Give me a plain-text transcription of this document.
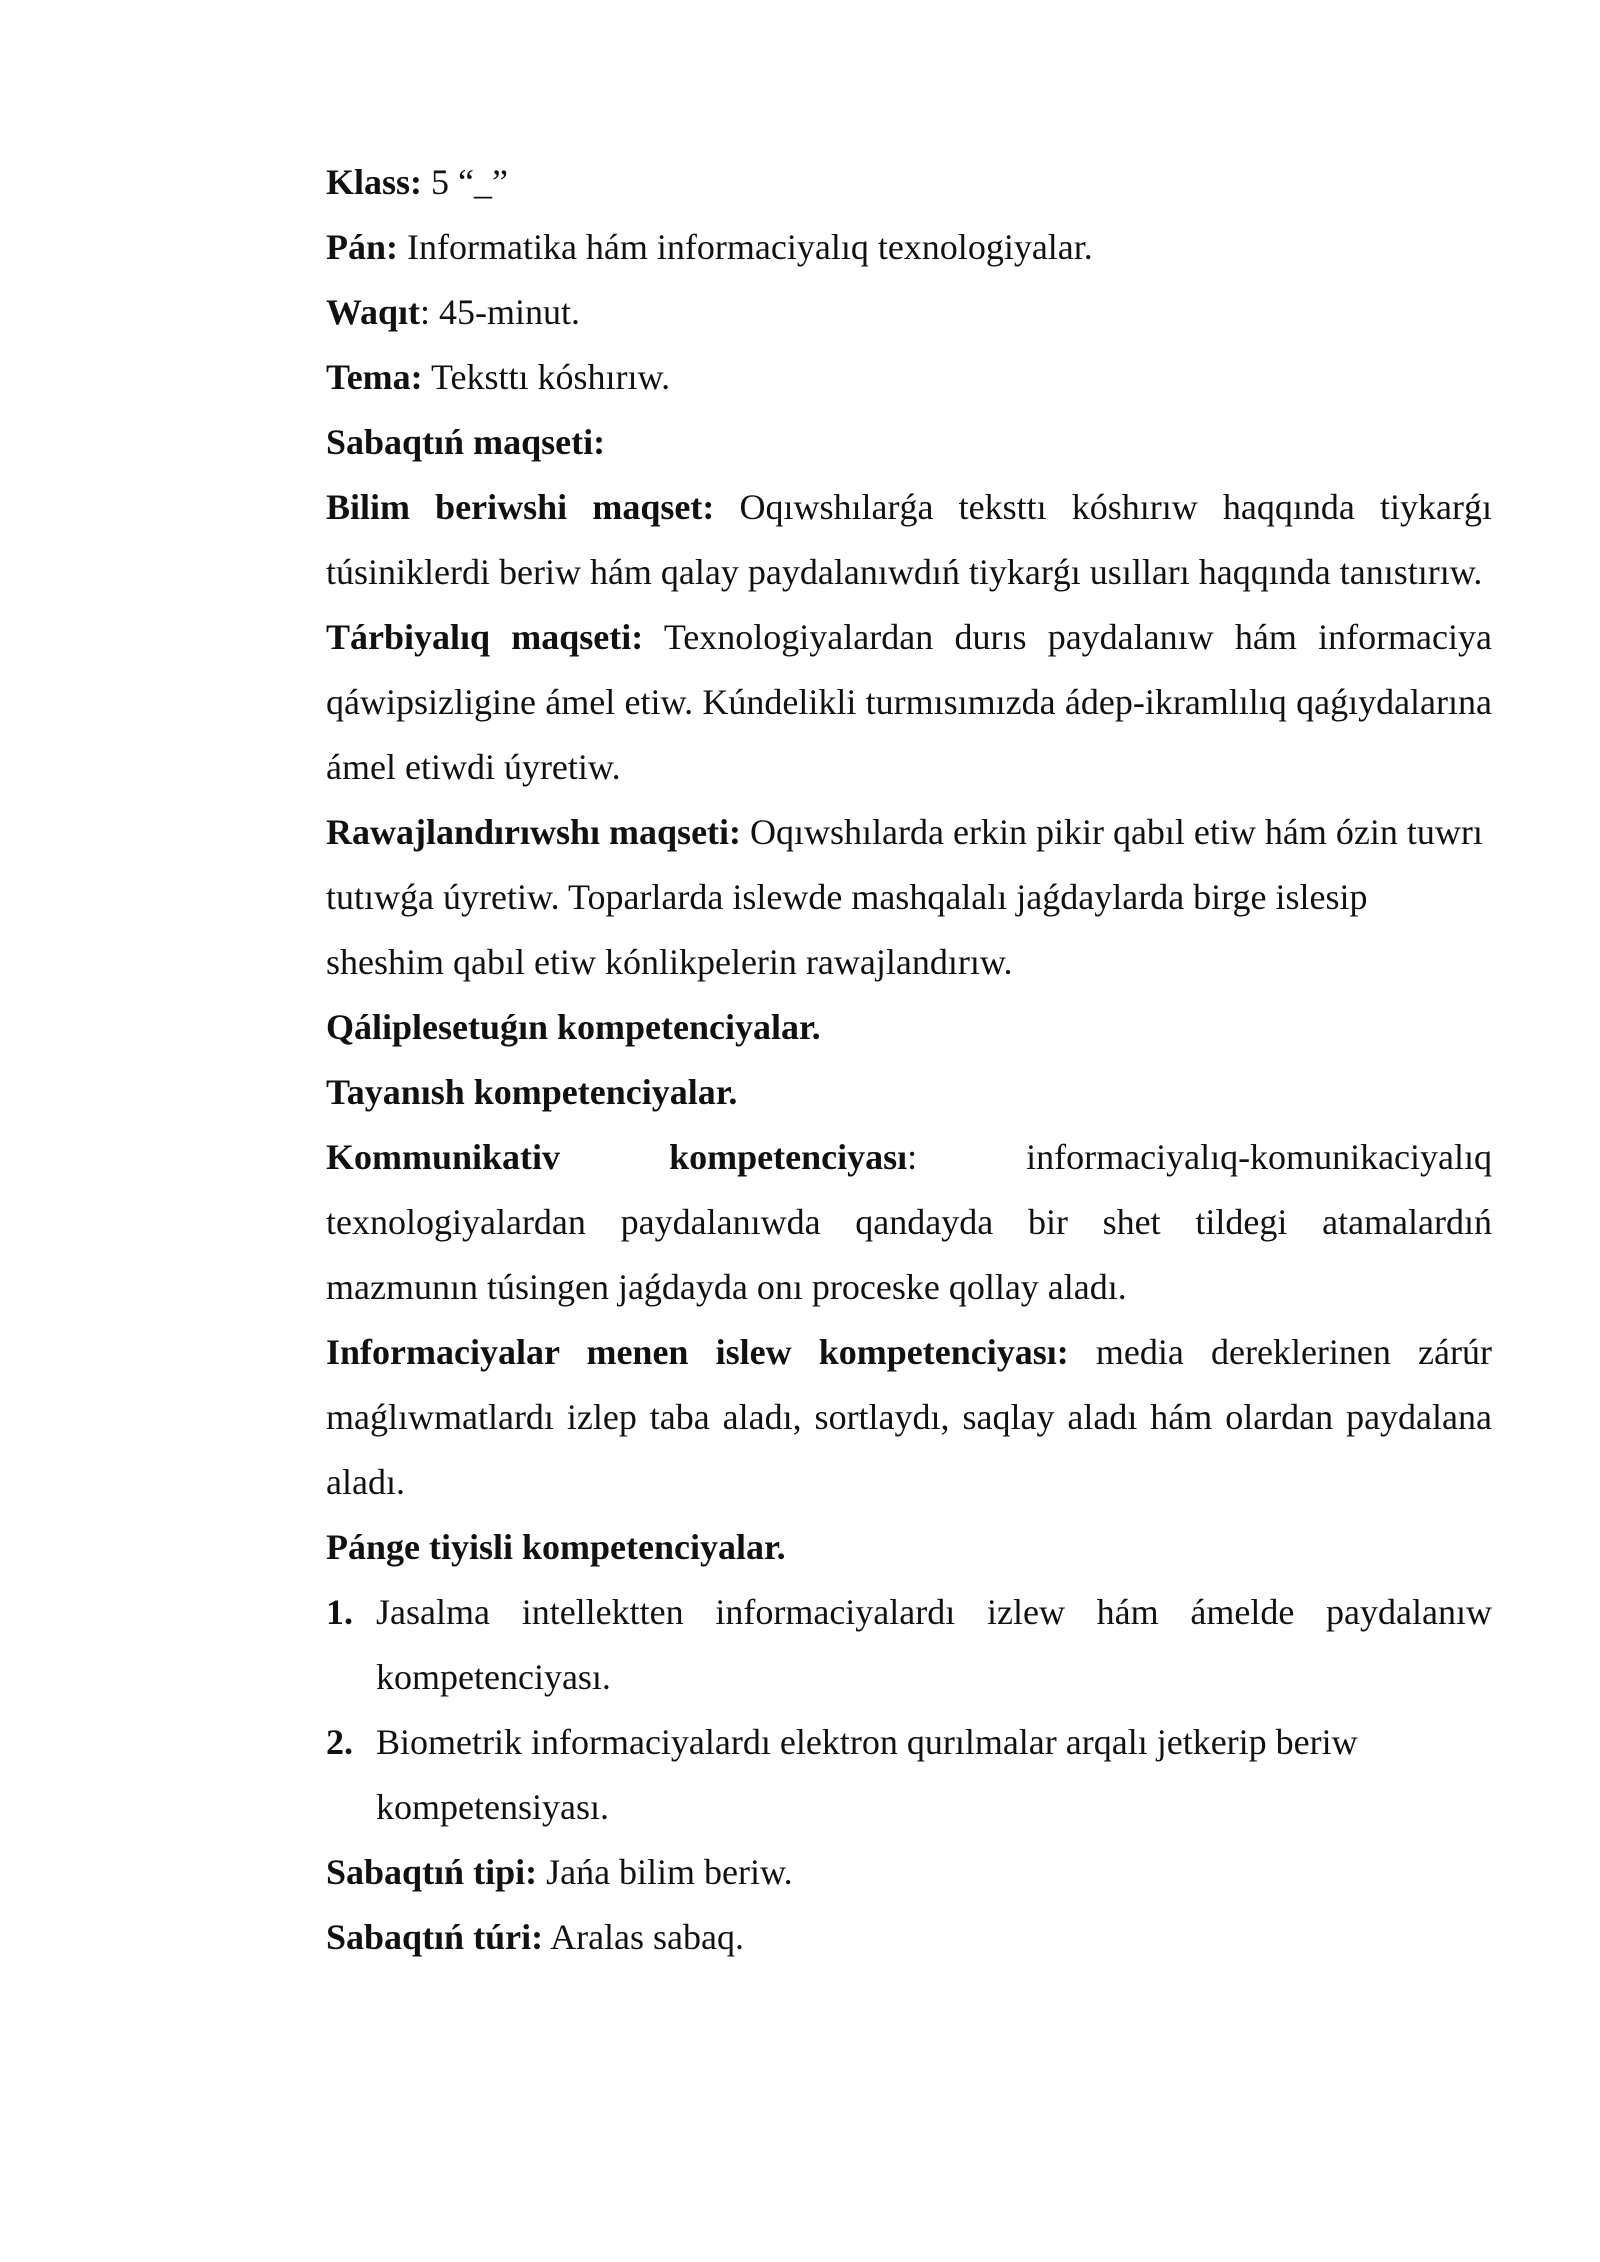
Klass: 5 “_”

Pán: Informatika hám informaciyalıq texnologiyalar.

Waqıt: 45-minut.

Tema: Teksttı kóshırıw.

Sabaqtıń maqseti:

Bilim beriwshi maqset: Oqıwshılarǵa teksttı kóshırıw haqqında tiykarǵı túsiniklerdi beriw hám qalay paydalanıwdıń tiykarǵı usılları haqqında tanıstırıw.

Tárbiyalıq maqseti: Texnologiyalardan durıs paydalanıw hám informaciya qáwipsizligine ámel etiw. Kúndelikli turmısımızda ádep-ikramlılıq qaǵıydalarına ámel etiwdi úyretiw.

Rawajlandırıwshı maqseti: Oqıwshılarda erkin pikir qabıl etiw hám ózin tuwrı tutıwǵa úyretiw. Toparlarda islewde mashqalalı jaǵdaylarda birge islesip sheshim qabıl etiw kónlikpelerin rawajlandırıw.

Qáliplesetuǵın kompetenciyalar.

Tayanısh kompetenciyalar.

Kommunikativ kompetenciyası: informaciyalıq-komunikaciyalıq texnologiyalardan paydalanıwda qandayda bir shet tildegi atamalardıń mazmunın túsingen jaǵdayda onı proceske qollay aladı.

Informaciyalar menen islew kompetenciyası: media dereklerinen zárúr maǵlıwmatlardı izlep taba aladı, sortlaydı, saqlay aladı hám olardan paydalana aladı.

Pánge tiyisli kompetenciyalar.

1. Jasalma intellektten informaciyalardı izlew hám ámelde paydalanıw kompetenciyası.

2. Biometrik informaciyalardı elektron qurılmalar arqalı jetkerip beriw kompetensiyası.

Sabaqtıń tipi: Jańa bilim beriw.

Sabaqtıń túri: Aralas sabaq.
